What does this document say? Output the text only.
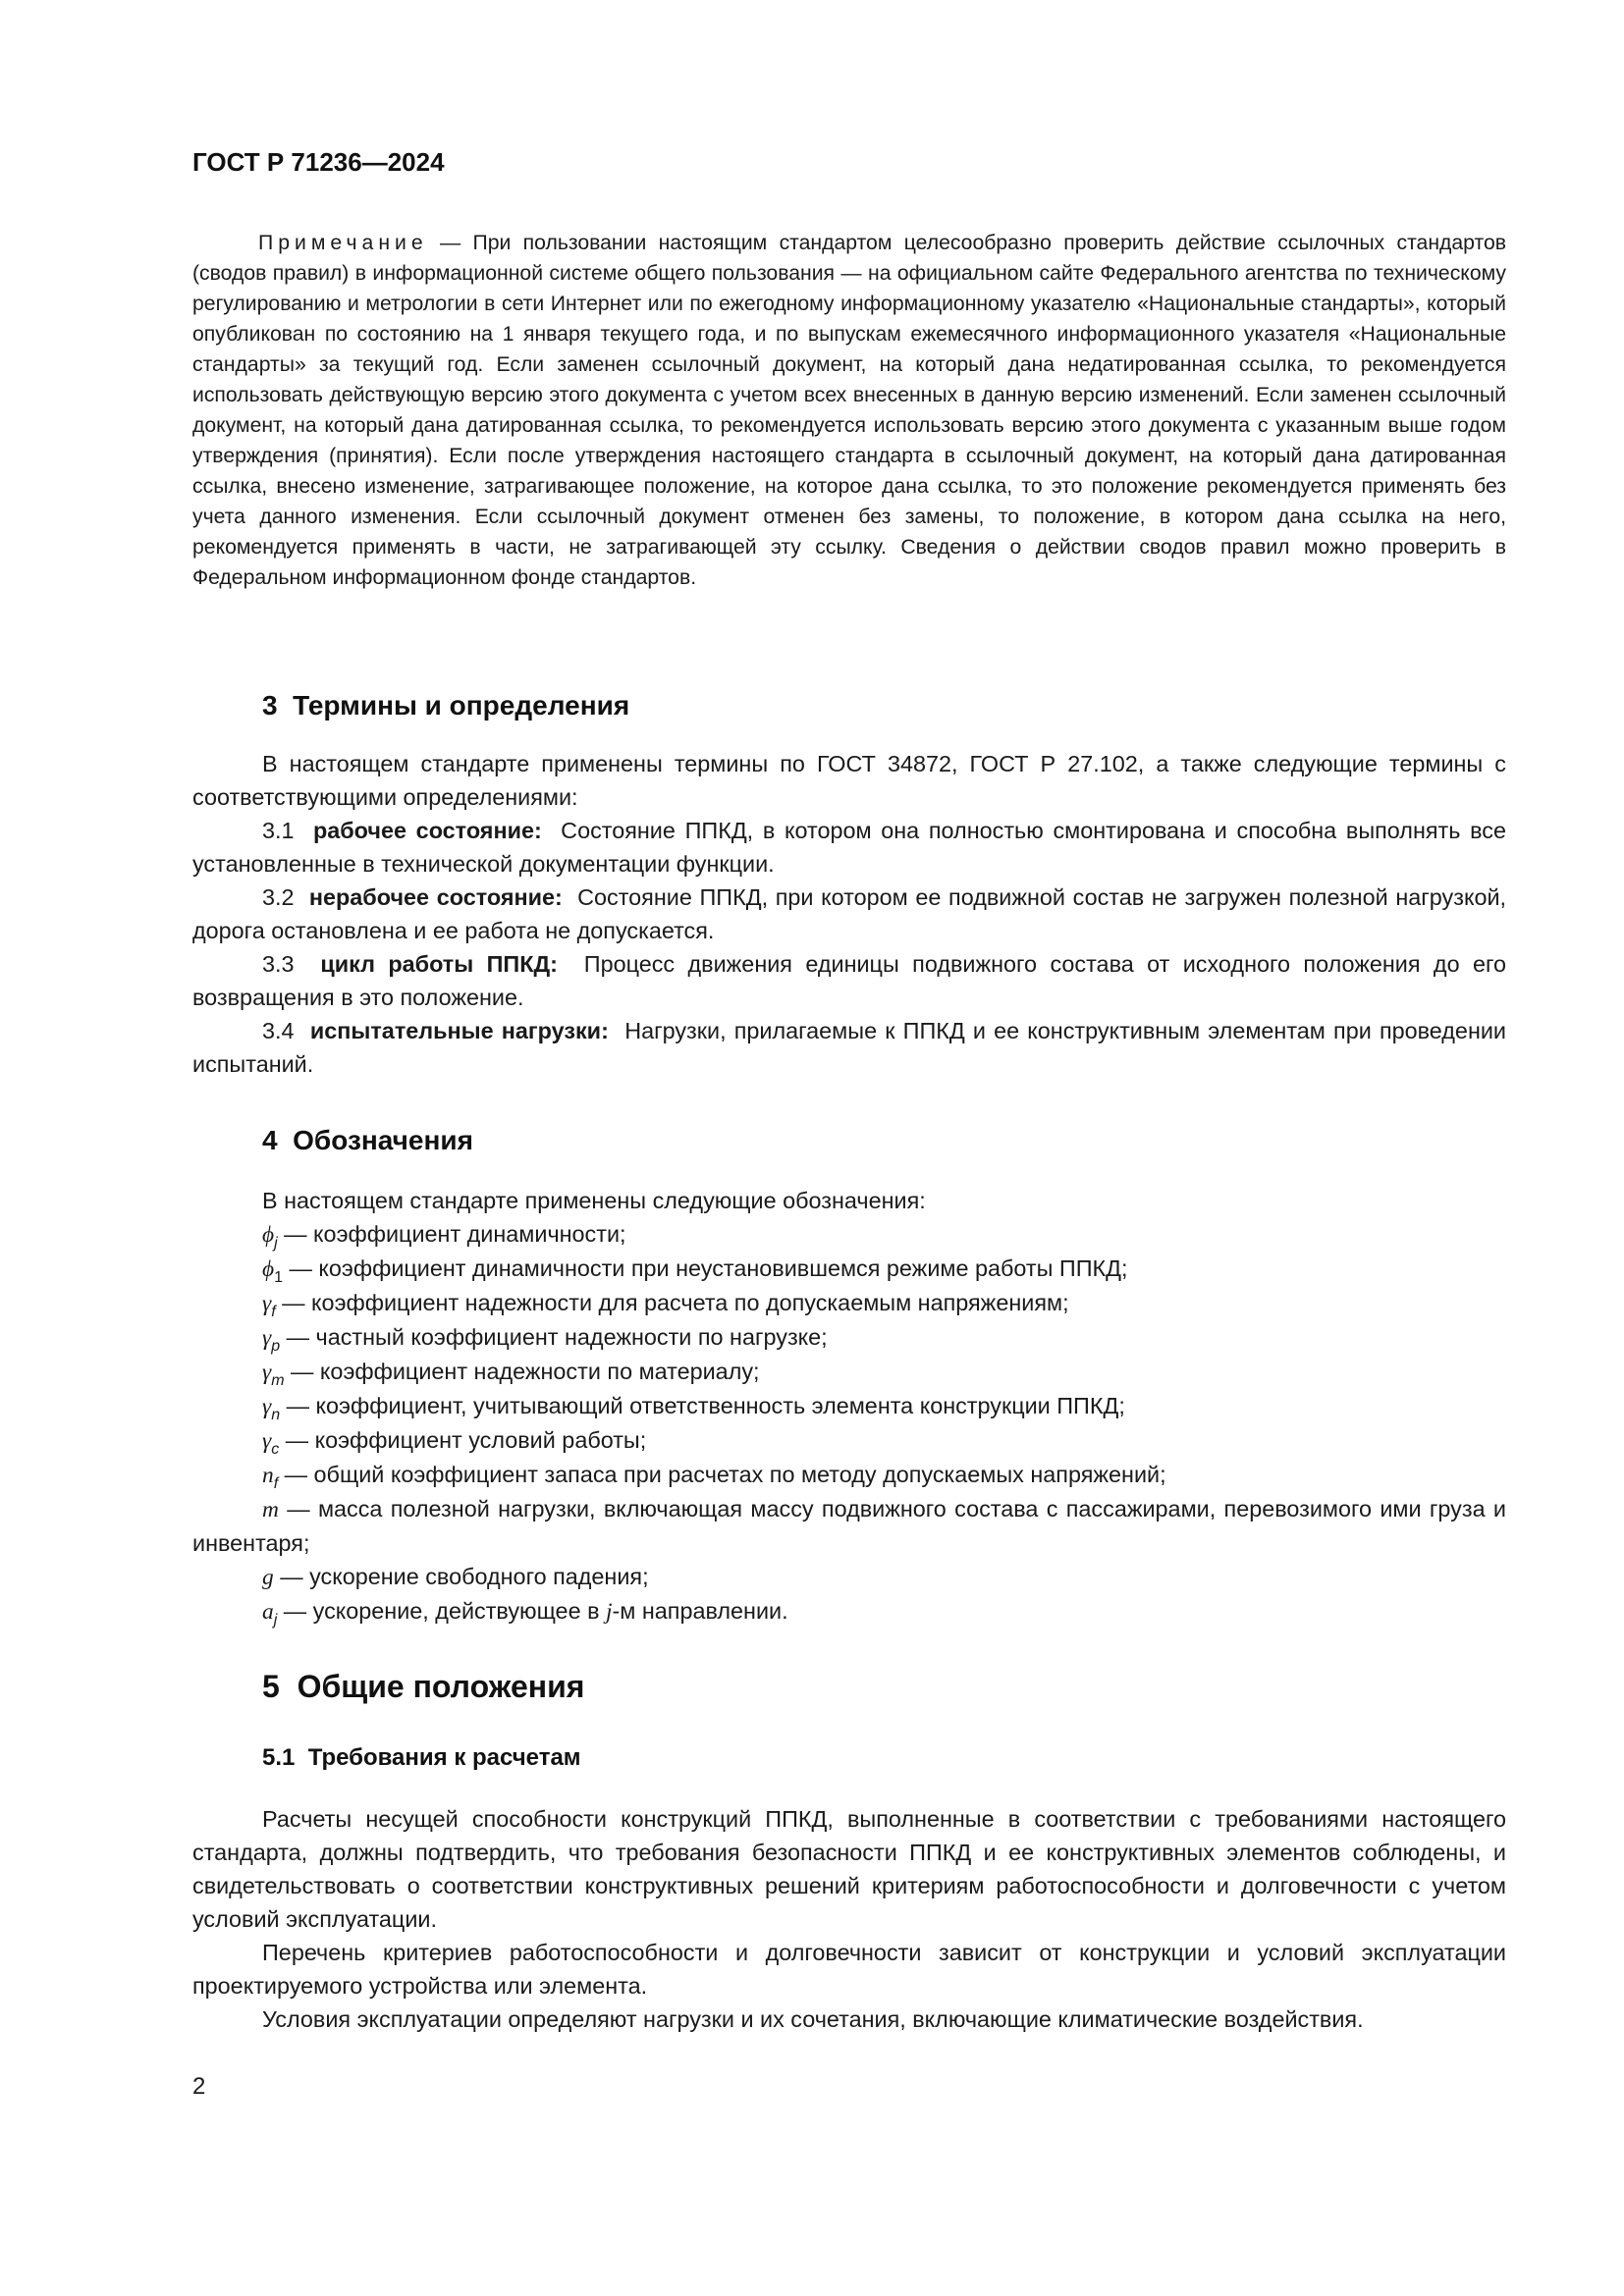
ГОСТ Р 71236—2024

Примечание — При пользовании настоящим стандартом целесообразно проверить действие ссылочных стандартов (сводов правил) в информационной системе общего пользования — на официальном сайте Федерального агентства по техническому регулированию и метрологии в сети Интернет или по ежегодному информационному указателю «Национальные стандарты», который опубликован по состоянию на 1 января текущего года, и по выпускам ежемесячного информационного указателя «Национальные стандарты» за текущий год. Если заменен ссылочный документ, на который дана недатированная ссылка, то рекомендуется использовать действующую версию этого документа с учетом всех внесенных в данную версию изменений. Если заменен ссылочный документ, на который дана датированная ссылка, то рекомендуется использовать версию этого документа с указанным выше годом утверждения (принятия). Если после утверждения настоящего стандарта в ссылочный документ, на который дана датированная ссылка, внесено изменение, затрагивающее положение, на которое дана ссылка, то это положение рекомендуется применять без учета данного изменения. Если ссылочный документ отменен без замены, то положение, в котором дана ссылка на него, рекомендуется применять в части, не затрагивающей эту ссылку. Сведения о действии сводов правил можно проверить в Федеральном информационном фонде стандартов.

3  Термины и определения

В настоящем стандарте применены термины по ГОСТ 34872, ГОСТ Р 27.102, а также следующие термины с соответствующими определениями:

3.1 рабочее состояние: Состояние ППКД, в котором она полностью смонтирована и способна выполнять все установленные в технической документации функции.

3.2 нерабочее состояние: Состояние ППКД, при котором ее подвижной состав не загружен полезной нагрузкой, дорога остановлена и ее работа не допускается.

3.3 цикл работы ППКД: Процесс движения единицы подвижного состава от исходного положения до его возвращения в это положение.

3.4 испытательные нагрузки: Нагрузки, прилагаемые к ППКД и ее конструктивным элементам при проведении испытаний.

4  Обозначения

В настоящем стандарте применены следующие обозначения:

$\phi_j$ — коэффициент динамичности;

$\phi_1$ — коэффициент динамичности при неустановившемся режиме работы ППКД;

$\gamma_f$ — коэффициент надежности для расчета по допускаемым напряжениям;

$\gamma_p$ — частный коэффициент надежности по нагрузке;

$\gamma_m$ — коэффициент надежности по материалу;

$\gamma_n$ — коэффициент, учитывающий ответственность элемента конструкции ППКД;

$\gamma_c$ — коэффициент условий работы;

$n_f$ — общий коэффициент запаса при расчетах по методу допускаемых напряжений;

m — масса полезной нагрузки, включающая массу подвижного состава с пассажирами, перевозимого ими груза и инвентаря;

g — ускорение свободного падения;

$a_j$ — ускорение, действующее в j-м направлении.

5  Общие положения
5.1  Требования к расчетам

Расчеты несущей способности конструкций ППКД, выполненные в соответствии с требованиями настоящего стандарта, должны подтвердить, что требования безопасности ППКД и ее конструктивных элементов соблюдены, и свидетельствовать о соответствии конструктивных решений критериям работоспособности и долговечности с учетом условий эксплуатации.

Перечень критериев работоспособности и долговечности зависит от конструкции и условий эксплуатации проектируемого устройства или элемента.

Условия эксплуатации определяют нагрузки и их сочетания, включающие климатические воздействия.

2
